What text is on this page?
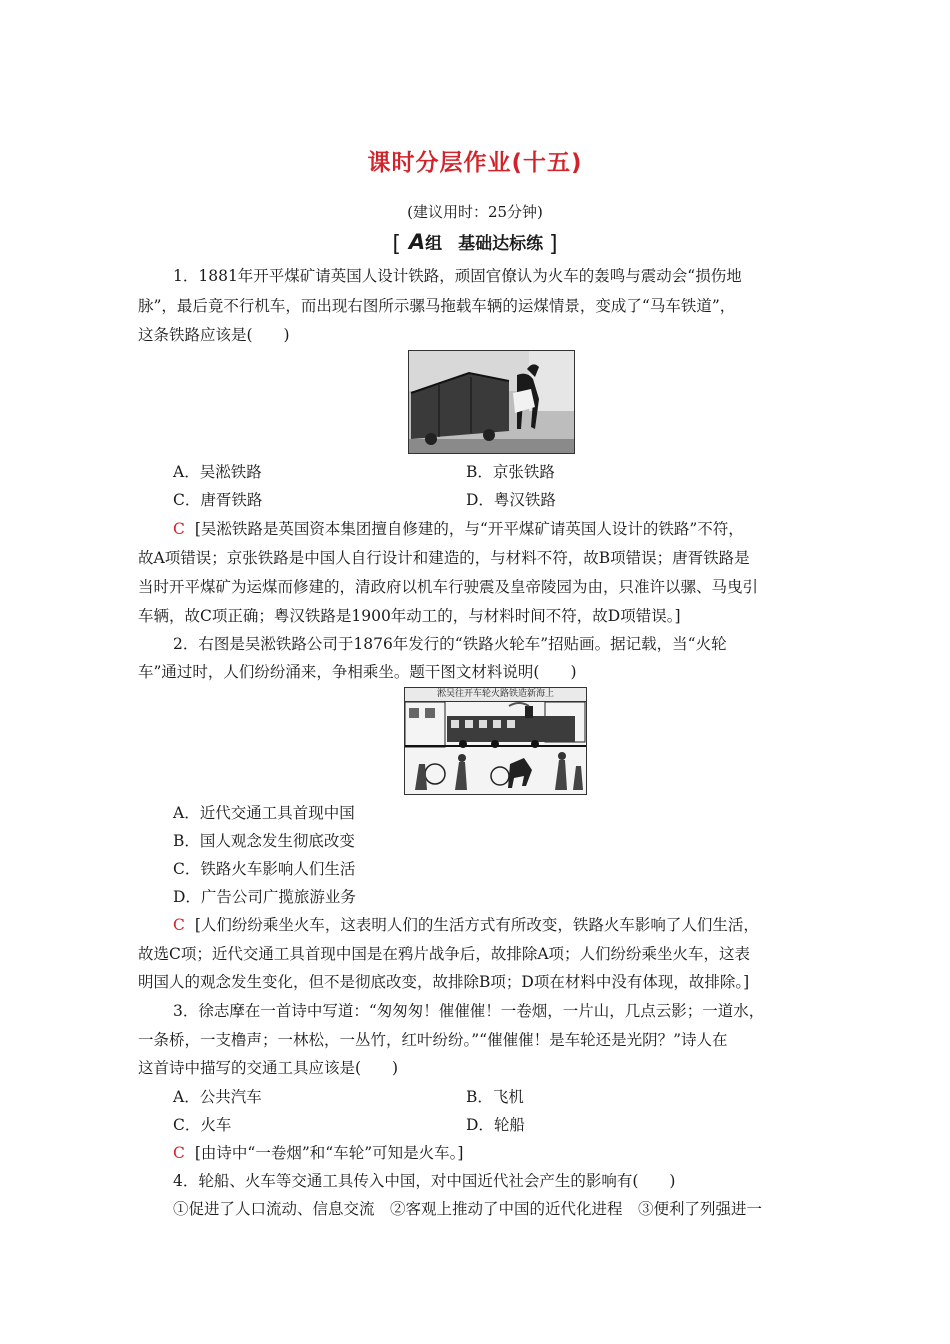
课时分层作业(十五)
(建议用时：25分钟)
[ A组 基础达标练 ]
1．1881年开平煤矿请英国人设计铁路，顽固官僚认为火车的轰鸣与震动会“损伤地
脉”，最后竟不行机车，而出现右图所示骡马拖载车辆的运煤情景，变成了“马车铁道”，
这条铁路应该是(　　)
A．吴淞铁路	B．京张铁路
C．唐胥铁路	D．粤汉铁路
C [吴淞铁路是英国资本集团擅自修建的，与“开平煤矿请英国人设计的铁路”不符，
故A项错误；京张铁路是中国人自行设计和建造的，与材料不符，故B项错误；唐胥铁路是
当时开平煤矿为运煤而修建的，清政府以机车行驶震及皇帝陵园为由，只准许以骡、马曳引
车辆，故C项正确；粤汉铁路是1900年动工的，与材料时间不符，故D项错误。]
2．右图是吴淞铁路公司于1876年发行的“铁路火轮车”招贴画。据记载，当“火轮
车”通过时，人们纷纷涌来，争相乘坐。题干图文材料说明(　　)
上海新造铁路火轮车开往吴淞
A．近代交通工具首现中国
B．国人观念发生彻底改变
C．铁路火车影响人们生活
D．广告公司广揽旅游业务
C [人们纷纷乘坐火车，这表明人们的生活方式有所改变，铁路火车影响了人们生活，
故选C项；近代交通工具首现中国是在鸦片战争后，故排除A项；人们纷纷乘坐火车，这表
明国人的观念发生变化，但不是彻底改变，故排除B项；D项在材料中没有体现，故排除。]
3．徐志摩在一首诗中写道：“匆匆匆！催催催！一卷烟，一片山，几点云影；一道水，
一条桥，一支橹声；一林松，一丛竹，红叶纷纷。”“催催催！是车轮还是光阴？”诗人在
这首诗中描写的交通工具应该是(　　)
A．公共汽车	B．飞机
C．火车	D．轮船
C [由诗中“一卷烟”和“车轮”可知是火车。]
4．轮船、火车等交通工具传入中国，对中国近代社会产生的影响有(　　)
①促进了人口流动、信息交流　②客观上推动了中国的近代化进程　③便利了列强进一
